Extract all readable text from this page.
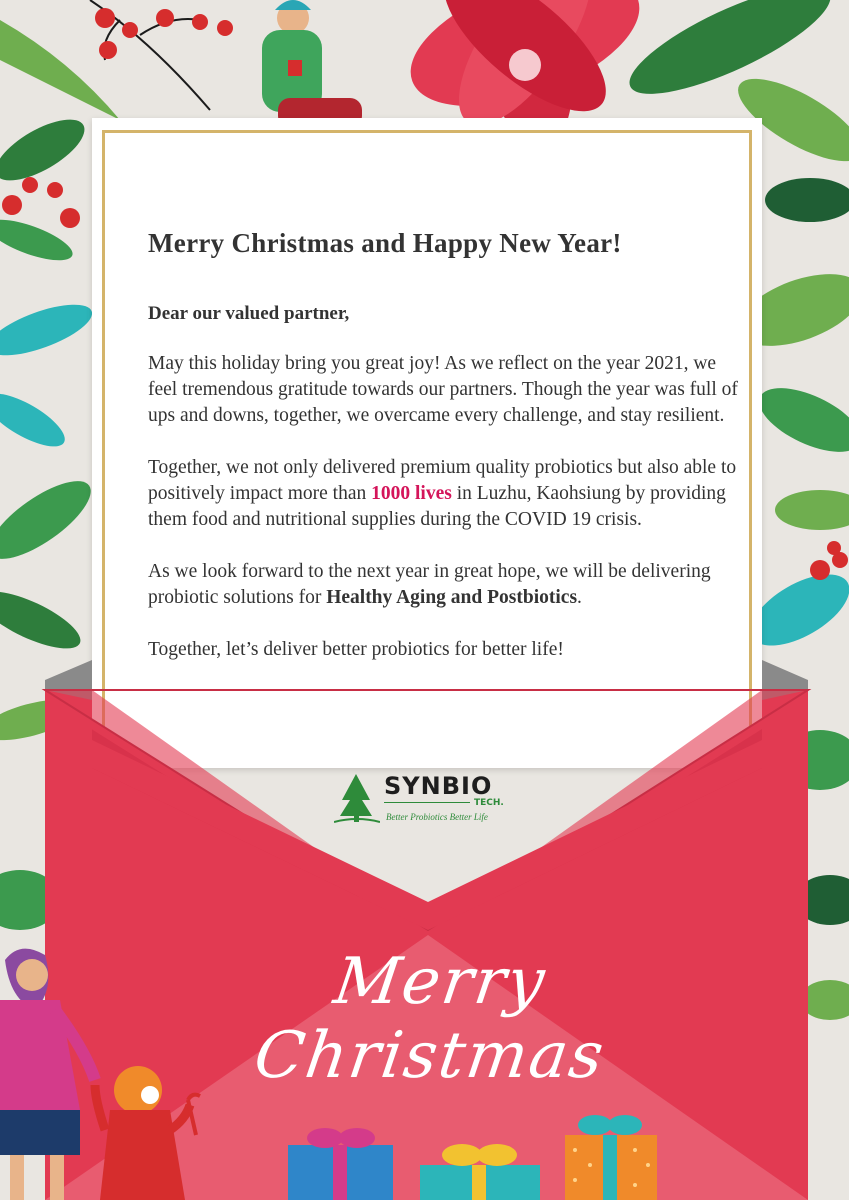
Merry Christmas and Happy New Year!
Dear our valued partner,
May this holiday bring you great joy! As we reflect on the year 2021, we feel tremendous gratitude towards our partners. Though the year was full of ups and downs, together, we overcame every challenge, and stay resilient.
Together, we not only delivered premium quality probiotics but also able to positively impact more than 1000 lives in Luzhu, Kaohsiung by providing them food and nutritional supplies during the COVID 19 crisis.
As we look forward to the next year in great hope, we will be delivering probiotic solutions for Healthy Aging and Postbiotics.
Together, let’s deliver better probiotics for better life!
SYNBIO
TECH.
Better Probiotics Better Life
Merry Christmas
